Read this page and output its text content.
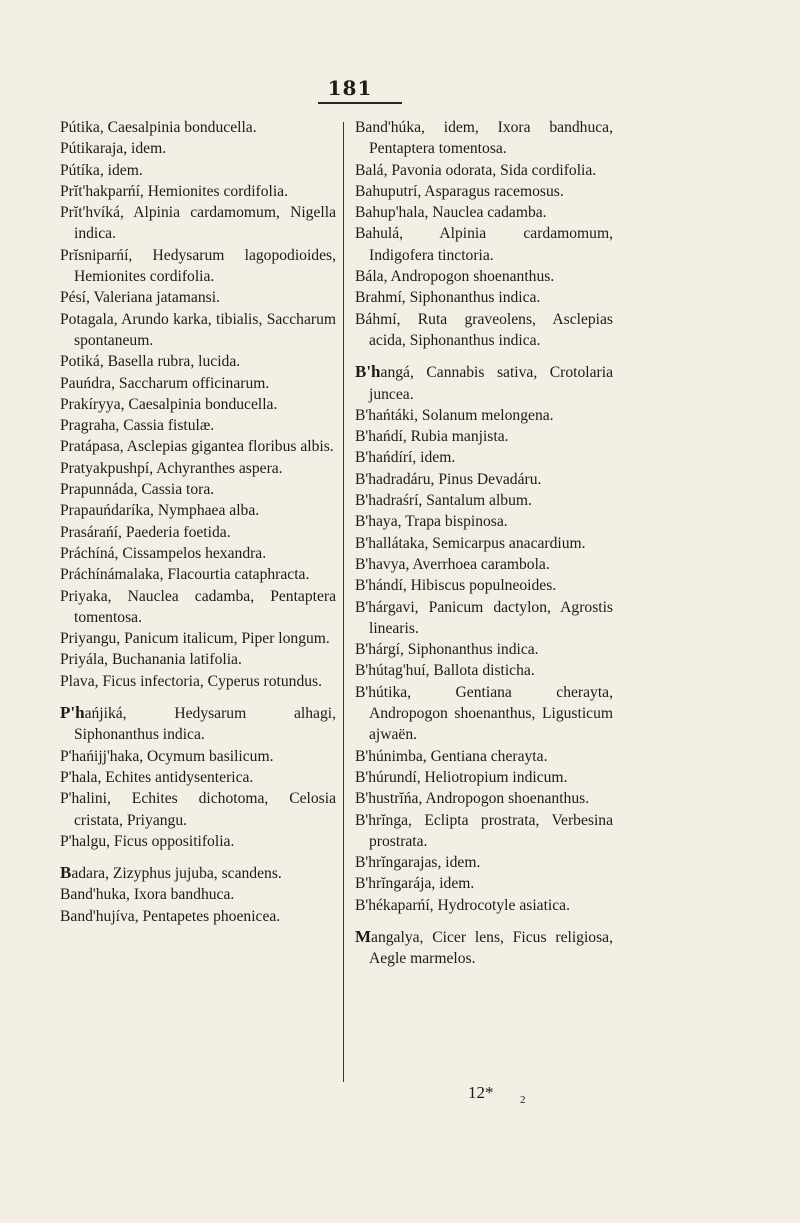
181

Pútika, Caesalpinia bonducella.

Pútikaraja, idem.

Pútíka, idem.

Prĭt'hakparńí, Hemionites cordifolia.

Prĭt'hvíká, Alpinia cardamomum, Nigella indica.

Prĭsniparńí, Hedysarum lagopodioides, Hemionites cordifolia.

Pésí, Valeriana jatamansi.

Potagala, Arundo karka, tibialis, Saccharum spontaneum.

Potiká, Basella rubra, lucida.

Pauńdra, Saccharum officinarum.

Prakíryya, Caesalpinia bonducella.

Pragraha, Cassia fistulæ.

Pratápasa, Asclepias gigantea floribus albis.

Pratyakpushpí, Achyranthes aspera.

Prapunnáda, Cassia tora.

Prapauńdaríka, Nymphaea alba.

Prasárańí, Paederia foetida.

Práchíná, Cissampelos hexandra.

Práchínámalaka, Flacourtia cataphracta.

Priyaka, Nauclea cadamba, Pentaptera tomentosa.

Priyangu, Panicum italicum, Piper longum.

Priyála, Buchanania latifolia.

Plava, Ficus infectoria, Cyperus rotundus.

P'hańjiká, Hedysarum alhagi, Siphonanthus indica.

P'hańijj'haka, Ocymum basilicum.

P'hala, Echites antidysenterica.

P'halini, Echites dichotoma, Celosia cristata, Priyangu.

P'halgu, Ficus oppositifolia.

Badara, Zizyphus jujuba, scandens.

Band'huka, Ixora bandhuca.

Band'hujíva, Pentapetes phoenicea.

Band'húka, idem, Ixora bandhuca, Pentaptera tomentosa.

Balá, Pavonia odorata, Sida cordifolia.

Bahuputrí, Asparagus racemosus.

Bahup'hala, Nauclea cadamba.

Bahulá, Alpinia cardamomum, Indigofera tinctoria.

Bála, Andropogon shoenanthus.

Brahmí, Siphonanthus indica.

Báhmí, Ruta graveolens, Asclepias acida, Siphonanthus indica.

B'hangá, Cannabis sativa, Crotolaria juncea.

B'hańtáki, Solanum melongena.

B'hańdí, Rubia manjista.

B'hańdírí, idem.

B'hadradáru, Pinus Devadáru.

B'hadraśrí, Santalum album.

B'haya, Trapa bispinosa.

B'hallátaka, Semicarpus anacardium.

B'havya, Averrhoea carambola.

B'hándí, Hibiscus populneoides.

B'hárgavi, Panicum dactylon, Agrostis linearis.

B'hárgí, Siphonanthus indica.

B'hútag'huí, Ballota disticha.

B'hútika, Gentiana cherayta, Andropogon shoenanthus, Ligusticum ajwaën.

B'húnimba, Gentiana cherayta.

B'húrundí, Heliotropium indicum.

B'hustrĭńa, Andropogon shoenanthus.

B'hrĭnga, Eclipta prostrata, Verbesina prostrata.

B'hrĭngarajas, idem.

B'hrĭngarája, idem.

B'hékaparńí, Hydrocotyle asiatica.

Mangalya, Cicer lens, Ficus religiosa, Aegle marmelos.

12* 2
